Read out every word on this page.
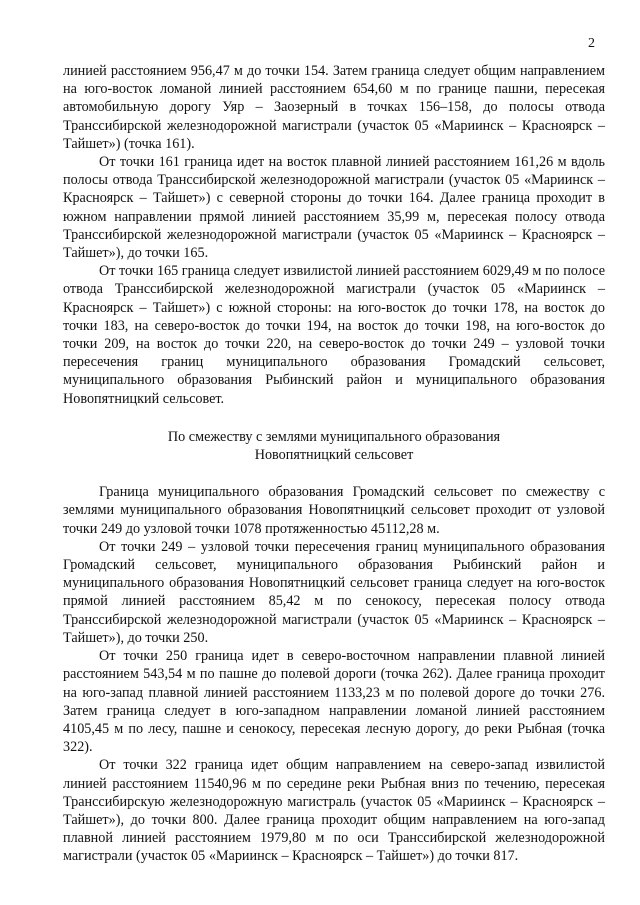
2

линией расстоянием 956,47 м до точки 154. Затем граница следует общим направлением на юго-восток ломаной линией расстоянием 654,60 м по границе пашни, пересекая автомобильную дорогу Уяр – Заозерный в точках 156–158, до полосы отвода Транссибирской железнодорожной магистрали (участок 05 «Мариинск – Красноярск – Тайшет») (точка 161).

От точки 161 граница идет на восток плавной линией расстоянием 161,26 м вдоль полосы отвода Транссибирской железнодорожной магистрали (участок 05 «Мариинск – Красноярск – Тайшет») с северной стороны до точки 164. Далее граница проходит в южном направлении прямой линией расстоянием 35,99 м, пересекая полосу отвода Транссибирской железнодорожной магистрали (участок 05 «Мариинск – Красноярск – Тайшет»), до точки 165.

От точки 165 граница следует извилистой линией расстоянием 6029,49 м по полосе отвода Транссибирской железнодорожной магистрали (участок 05 «Мариинск – Красноярск – Тайшет») с южной стороны: на юго-восток до точки 178, на восток до точки 183, на северо-восток до точки 194, на восток до точки 198, на юго-восток до точки 209, на восток до точки 220, на северо-восток до точки 249 – узловой точки пересечения границ муниципального образования Громадский сельсовет, муниципального образования Рыбинский район и муниципального образования Новопятницкий сельсовет.

По смежеству с землями муниципального образования
Новопятницкий сельсовет

Граница муниципального образования Громадский сельсовет по смежеству с землями муниципального образования Новопятницкий сельсовет проходит от узловой точки 249 до узловой точки 1078 протяженностью 45112,28 м.

От точки 249 – узловой точки пересечения границ муниципального образования Громадский сельсовет, муниципального образования Рыбинский район и муниципального образования Новопятницкий сельсовет граница следует на юго-восток прямой линией расстоянием 85,42 м по сенокосу, пересекая полосу отвода Транссибирской железнодорожной магистрали (участок 05 «Мариинск – Красноярск – Тайшет»), до точки 250.

От точки 250 граница идет в северо-восточном направлении плавной линией расстоянием 543,54 м по пашне до полевой дороги (точка 262). Далее граница проходит на юго-запад плавной линией расстоянием 1133,23 м по полевой дороге до точки 276. Затем граница следует в юго-западном направлении ломаной линией расстоянием 4105,45 м по лесу, пашне и сенокосу, пересекая лесную дорогу, до реки Рыбная (точка 322).

От точки 322 граница идет общим направлением на северо-запад извилистой линией расстоянием 11540,96 м по середине реки Рыбная вниз по течению, пересекая Транссибирскую железнодорожную магистраль (участок 05 «Мариинск – Красноярск – Тайшет»), до точки 800. Далее граница проходит общим направлением на юго-запад плавной линией расстоянием 1979,80 м по оси Транссибирской железнодорожной магистрали (участок 05 «Мариинск – Красноярск – Тайшет») до точки 817.
